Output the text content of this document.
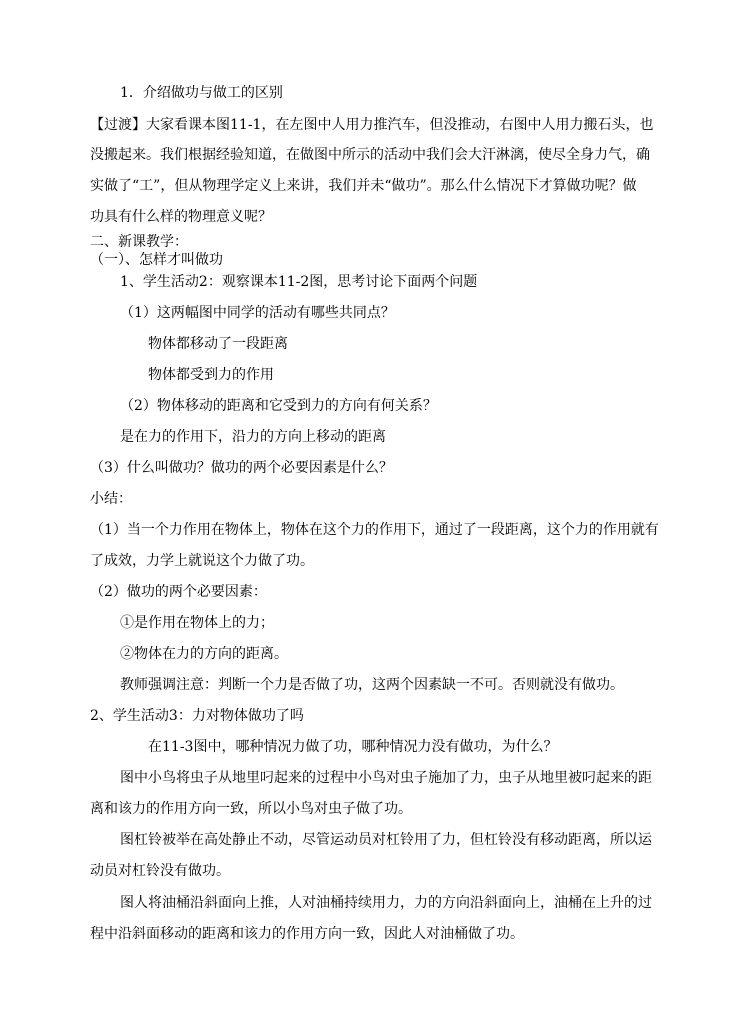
1．介绍做功与做工的区别
【过渡】大家看课本图11-1，在左图中人用力推汽车，但没推动，右图中人用力搬石头，也
没搬起来。我们根据经验知道，在做图中所示的活动中我们会大汗淋漓，使尽全身力气，确
实做了“工”，但从物理学定义上来讲，我们并未“做功”。那么什么情况下才算做功呢？做
功具有什么样的物理意义呢？
二、新课教学：
（一）、怎样才叫做功
1、学生活动2：观察课本11-2图，思考讨论下面两个问题
（1）这两幅图中同学的活动有哪些共同点？
物体都移动了一段距离
物体都受到力的作用
（2）物体移动的距离和它受到力的方向有何关系？
是在力的作用下，沿力的方向上移动的距离
（3）什么叫做功？做功的两个必要因素是什么？
小结：
（1）当一个力作用在物体上，物体在这个力的作用下，通过了一段距离，这个力的作用就有
了成效，力学上就说这个力做了功。
（2）做功的两个必要因素：
①是作用在物体上的力；
②物体在力的方向的距离。
教师强调注意：判断一个力是否做了功，这两个因素缺一不可。否则就没有做功。
2、学生活动3：力对物体做功了吗
在11-3图中，哪种情况力做了功，哪种情况力没有做功，为什么？
图中小鸟将虫子从地里叼起来的过程中小鸟对虫子施加了力，虫子从地里被叼起来的距
离和该力的作用方向一致，所以小鸟对虫子做了功。
图杠铃被举在高处静止不动，尽管运动员对杠铃用了力，但杠铃没有移动距离，所以运
动员对杠铃没有做功。
图人将油桶沿斜面向上推，人对油桶持续用力，力的方向沿斜面向上，油桶在上升的过
程中沿斜面移动的距离和该力的作用方向一致，因此人对油桶做了功。
